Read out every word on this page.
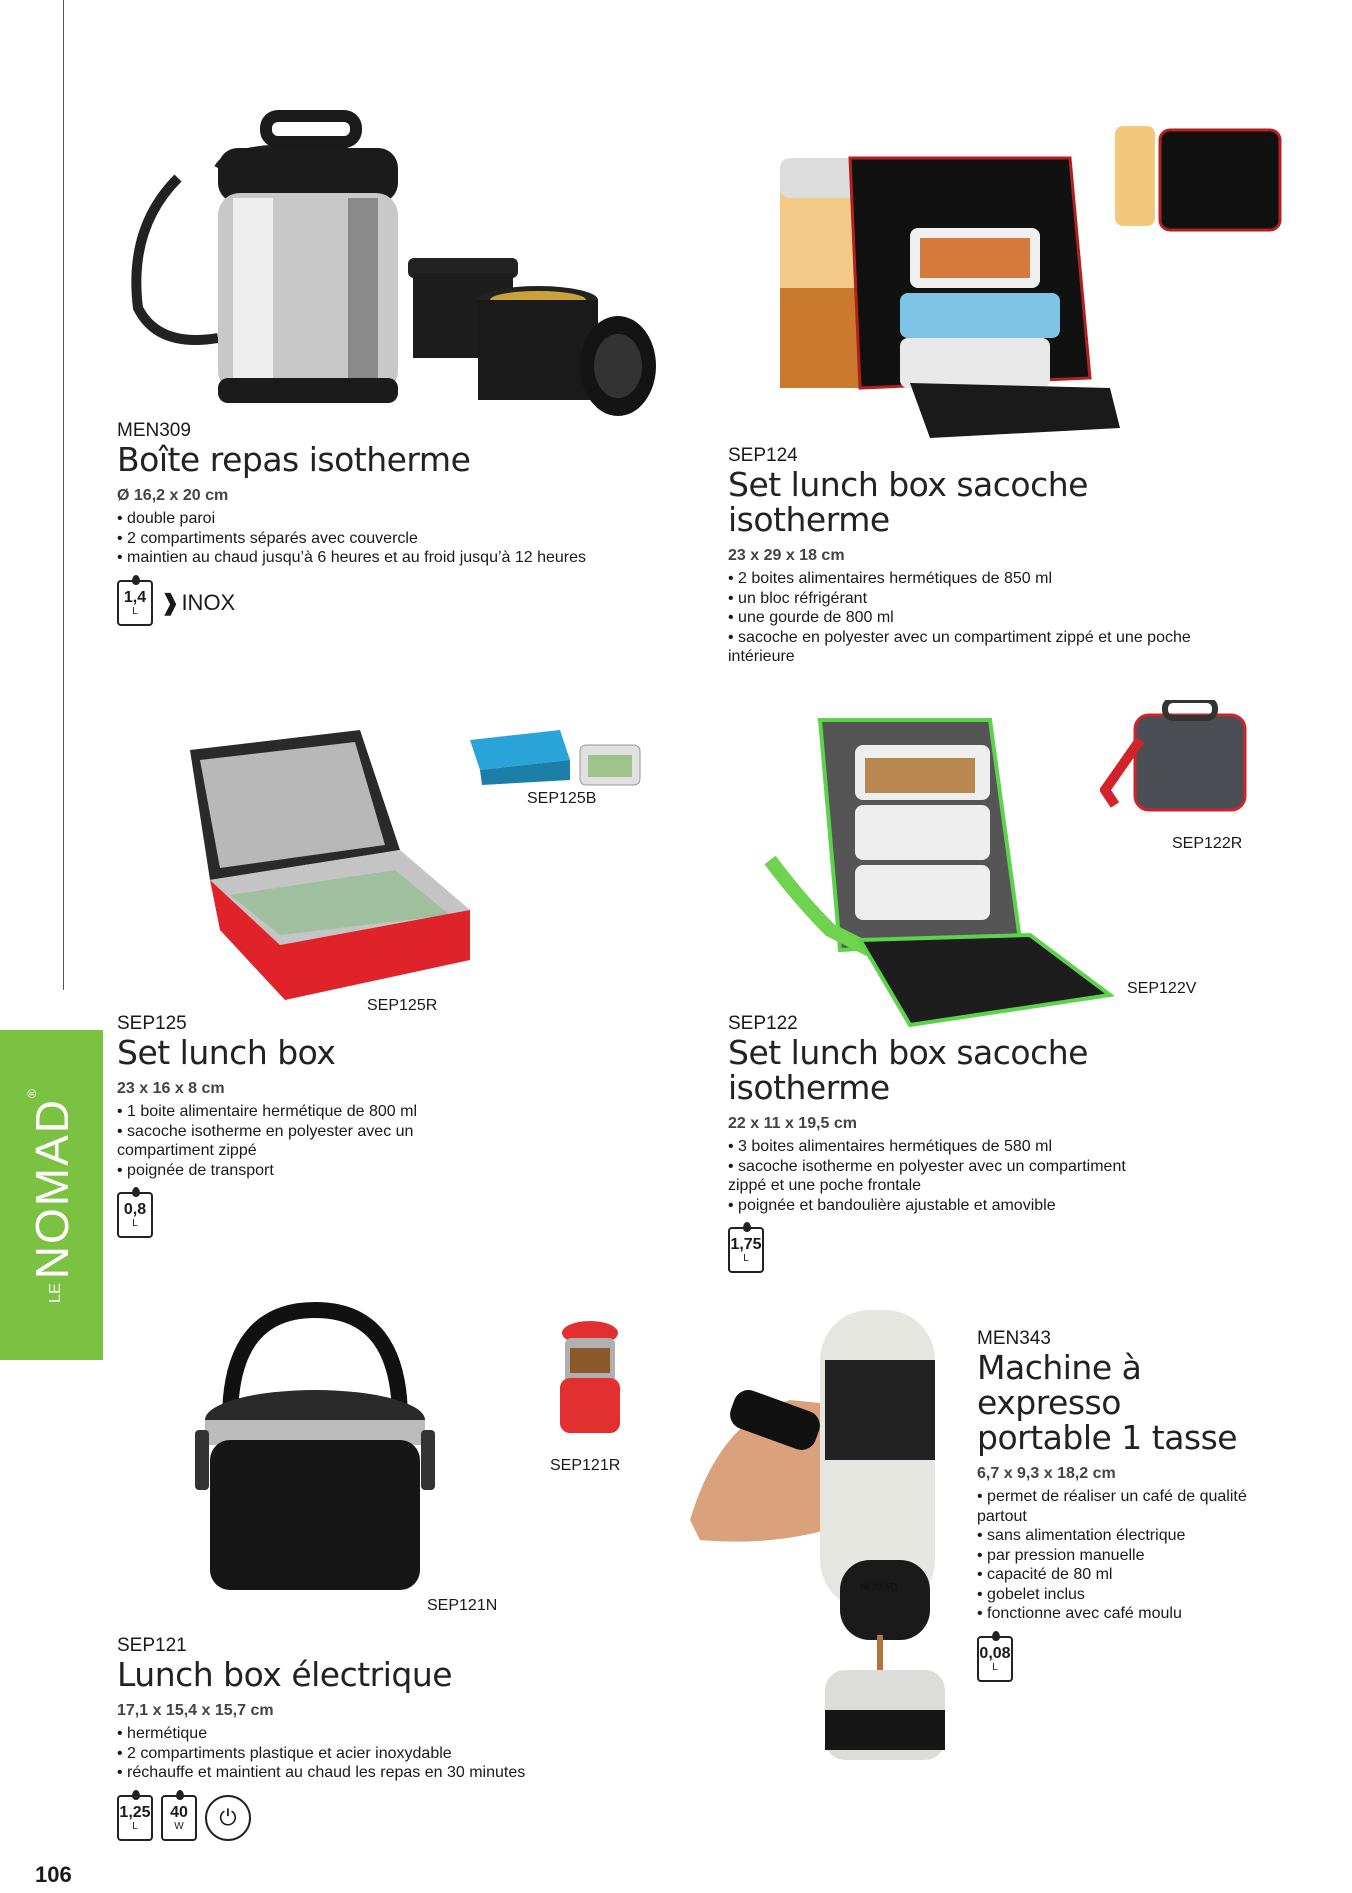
LENOMAD®
NOMAD
SEP125B
SEP125R
SEP122R
SEP122V
SEP121R
SEP121N
MEN309
Boîte repas isotherme
Ø 16,2 x 20 cm
• double paroi
• 2 compartiments séparés avec couvercle
• maintien au chaud jusqu’à 6 heures et au froid jusqu’à 12 heures
1,4
L ❱ INOX
SEP124
Set lunch box sacoche isotherme
23 x 29 x 18 cm
• 2 boites alimentaires hermétiques de 850 ml
• un bloc réfrigérant
• une gourde de 800 ml
• sacoche en polyester avec un compartiment zippé et une poche intérieure
SEP125
Set lunch box
23 x 16 x 8 cm
• 1 boite alimentaire hermétique de 800 ml
• sacoche isotherme en polyester avec un compartiment zippé
• poignée de transport
0,8
L
SEP122
Set lunch box sacoche isotherme
22 x 11 x 19,5 cm
• 3 boites alimentaires hermétiques de 580 ml
• sacoche isotherme en polyester avec un compartiment zippé et une poche frontale
• poignée et bandoulière ajustable et amovible
1,75
L
MEN343
Machine à expresso
portable 1 tasse
6,7 x 9,3 x 18,2 cm
• permet de réaliser un café de qualité partout
• sans alimentation électrique
• par pression manuelle
• capacité de 80 ml
• gobelet inclus
• fonctionne avec café moulu
0,08
L
SEP121
Lunch box électrique
17,1 x 15,4 x 15,7 cm
• hermétique
• 2 compartiments plastique et acier inoxydable
• réchauffe et maintient au chaud les repas en 30 minutes
1,25
L
40
W	⏻
106
